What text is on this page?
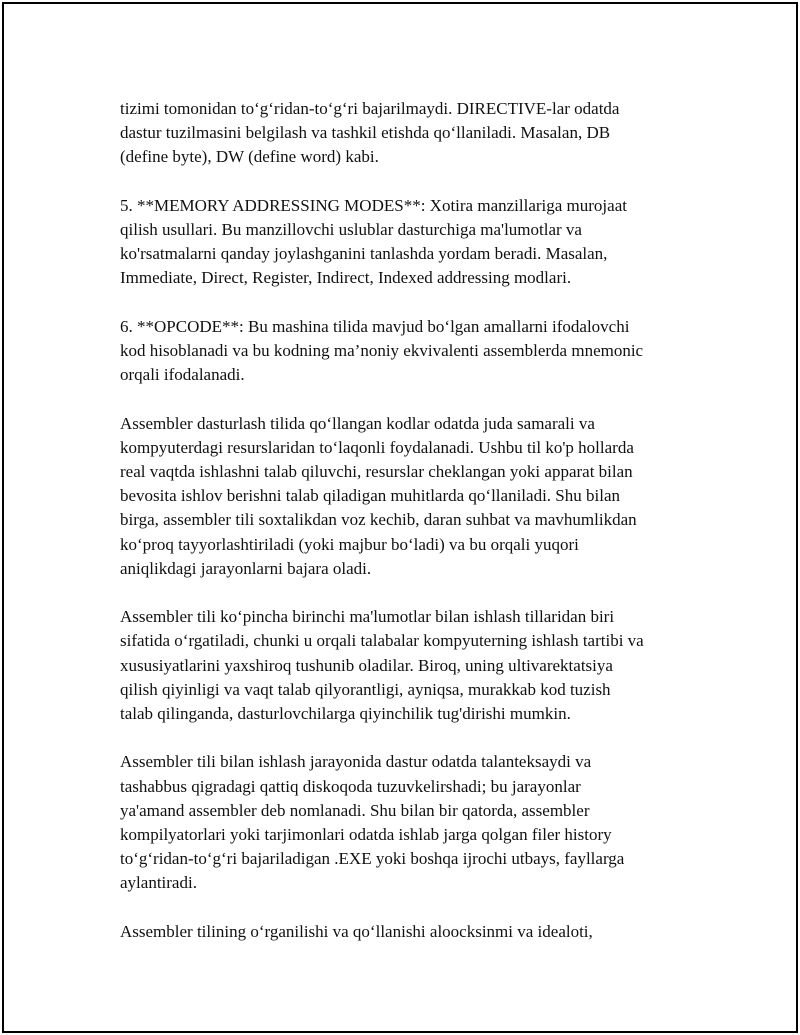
tizimi tomonidan to‘g‘ridan-to‘g‘ri bajarilmaydi. DIRECTIVE-lar odatda
dastur tuzilmasini belgilash va tashkil etishda qo‘llaniladi. Masalan, DB
(define byte), DW (define word) kabi.

5. **MEMORY ADDRESSING MODES**: Xotira manzillariga murojaat
qilish usullari. Bu manzillovchi uslublar dasturchiga ma'lumotlar va
ko'rsatmalarni qanday joylashganini tanlashda yordam beradi. Masalan,
Immediate, Direct, Register, Indirect, Indexed addressing modlari.

6. **OPCODE**: Bu mashina tilida mavjud bo‘lgan amallarni ifodalovchi
kod hisoblanadi va bu kodning ma’noniy ekvivalenti assemblerda mnemonic
orqali ifodalanadi.

Assembler dasturlash tilida qo‘llangan kodlar odatda juda samarali va
kompyuterdagi resurslaridan to‘laqonli foydalanadi. Ushbu til ko'p hollarda
real vaqtda ishlashni talab qiluvchi, resurslar cheklangan yoki apparat bilan
bevosita ishlov berishni talab qiladigan muhitlarda qo‘llaniladi. Shu bilan
birga, assembler tili soxtalikdan voz kechib, daran suhbat va mavhumlikdan
ko‘proq tayyorlashtiriladi (yoki majbur bo‘ladi) va bu orqali yuqori
aniqlikdagi jarayonlarni bajara oladi.

Assembler tili ko‘pincha birinchi ma'lumotlar bilan ishlash tillaridan biri
sifatida o‘rgatiladi, chunki u orqali talabalar kompyuterning ishlash tartibi va
xususiyatlarini yaxshiroq tushunib oladilar. Biroq, uning ultivarektatsiya
qilish qiyinligi va vaqt talab qilyorantligi, ayniqsa, murakkab kod tuzish
talab qilinganda, dasturlovchilarga qiyinchilik tug'dirishi mumkin.

Assembler tili bilan ishlash jarayonida dastur odatda talanteksaydi va
tashabbus qigradagi qattiq diskoqoda tuzuvkelirshadi; bu jarayonlar
ya'amand assembler deb nomlanadi. Shu bilan bir qatorda, assembler
kompilyatorlari yoki tarjimonlari odatda ishlab jarga qolgan filer history
to‘g‘ridan-to‘g‘ri bajariladigan .EXE yoki boshqa ijrochi utbays, fayllarga
aylantiradi.

Assembler tilining o‘rganilishi va qo‘llanishi aloocksinmi va idealoti,
